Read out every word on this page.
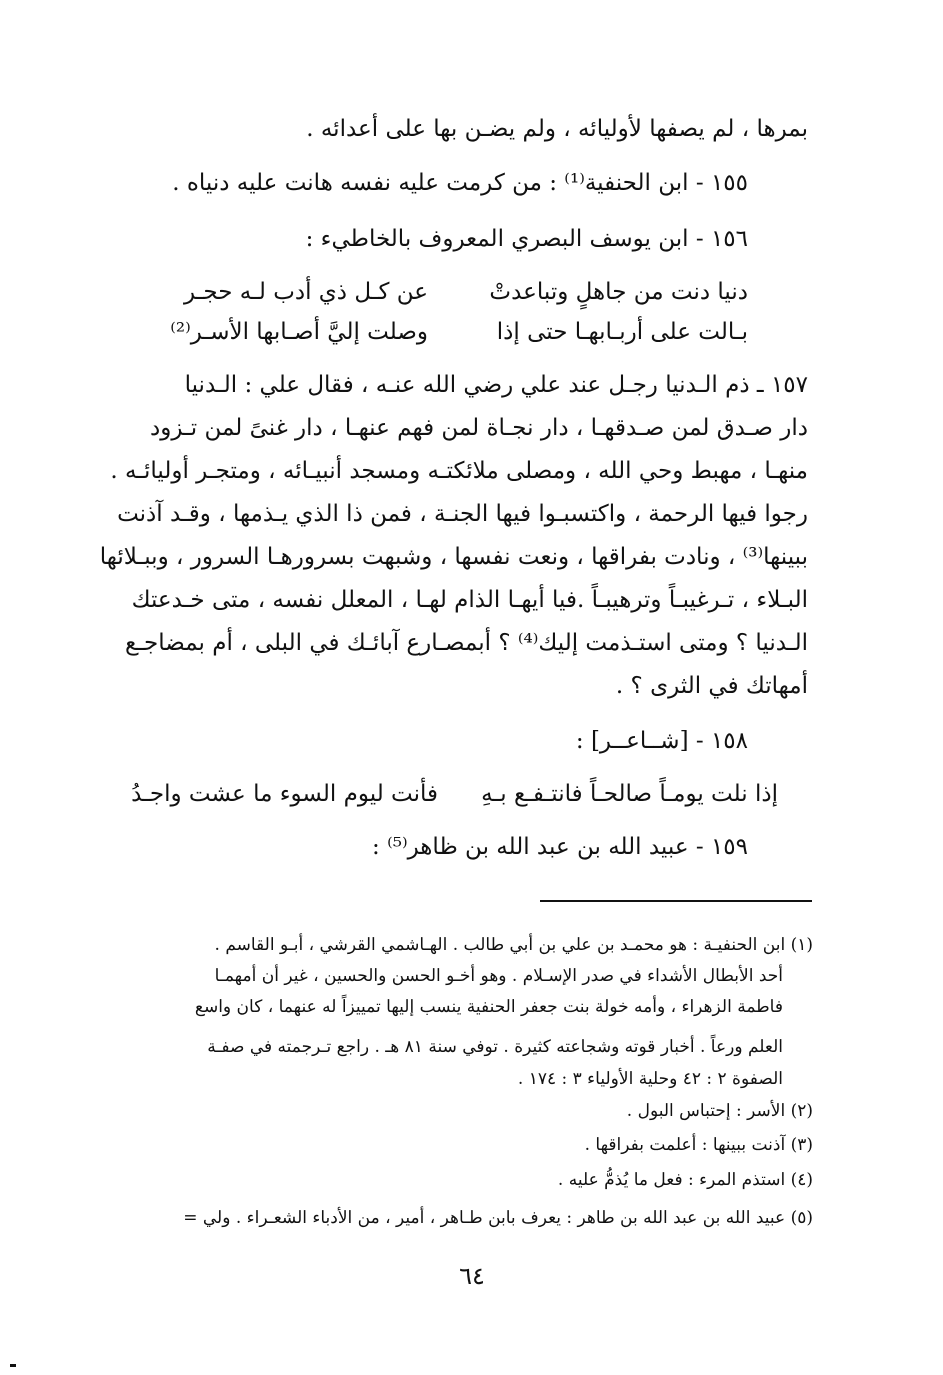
بمرها ، لم يصفها لأوليائه ، ولم يضـن بها على أعدائه .
١٥٥ - ابن الحنفية⁽¹⁾ : من كرمت عليه نفسه هانت عليه دنياه .
١٥٦ - ابن يوسف البصري المعروف بالخاطيء :
دنيا دنت من جاهلٍ وتباعدتْ
عن كـل ذي أدب لـه حجـر
بـالت على أربـابهـا حتى إذا
وصلت إليَّ أصـابها الأسـر⁽²⁾
١٥٧ ـ ذم الـدنيا رجـل عند علي رضي الله عنـه ، فقال علي : الـدنيا
دار صـدق لمن صـدقهـا ، دار نجـاة لمن فهم عنهـا ، دار غنىً لمن تـزود
منهـا ، مهبط وحي الله ، ومصلى ملائكتـه ومسجد أنبيـائه ، ومتجـر أوليائـه .
رجوا فيها الرحمة ، واكتسبـوا فيها الجنـة ، فمن ذا الذي يـذمها ، وقـد آذنت
ببينها⁽³⁾ ، ونادت بفراقها ، ونعت نفسها ، وشبهت بسرورهـا السرور ، وببـلائها
البـلاء ، تـرغيبـاً وترهيبـاً .فيا أيهـا الذام لهـا ، المعلل نفسه ، متى خـدعتك
الـدنيا ؟ ومتى استـذمت إليك⁽⁴⁾ ؟ أبمصـارع آبائـك في البلى ، أم بمضاجـع
أمهاتك في الثرى ؟ .
١٥٨ - [شــاعــر] :
إذا نلت يومـاً صالحـاً فانتـفـع بـهِ
فأنت ليوم السوء ما عشت واجـدُ
١٥٩ - عبيد الله بن عبد الله بن ظاهر⁽⁵⁾ :
(١) ابن الحنفيـة : هو محمـد بن علي بن أبي طالب . الهـاشمي القرشي ، أبـو القاسم .
أحد الأبطال الأشداء في صدر الإسـلام . وهو أخـو الحسن والحسين ، غير أن أمهمـا
فاطمة الزهراء ، وأمه خولة بنت جعفر الحنفية ينسب إليها تمييزاً له عنهما ، كان واسع
العلم ورعاً . أخبار قوته وشجاعته كثيرة . توفي سنة ٨١ هـ . راجع تـرجمته في صفـة
الصفوة ٢ : ٤٢ وحلية الأولياء ٣ : ١٧٤ .
(٢) الأسر : إحتباس البول .
(٣) آذنت ببينها : أعلمت بفراقها .
(٤) استذم المرء : فعل ما يُذمُّ عليه .
(٥) عبيد الله بن عبد الله بن طاهر : يعرف بابن طـاهر ، أمير ، من الأدباء الشعـراء . ولي =
٦٤
